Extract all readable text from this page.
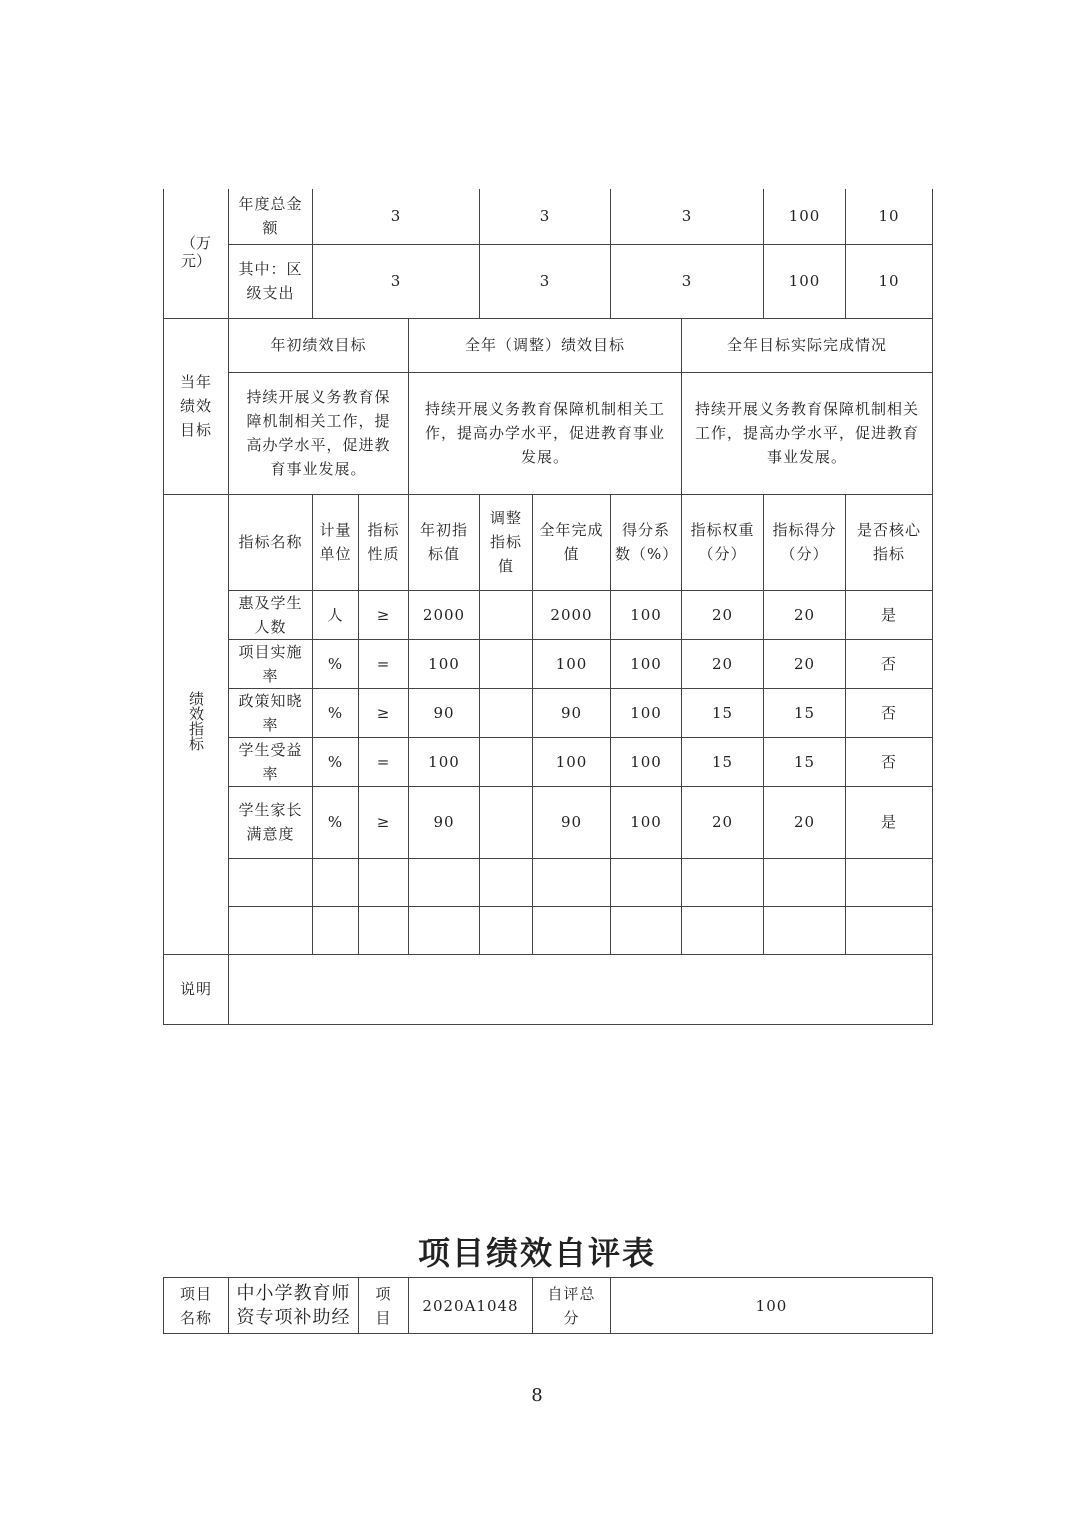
（万元）	年度总金额	3			3		3		100	10	
	其中：区级支出	3			3		3		100	10	
当年绩效目标	年初绩效目标			全年（调整）绩效目标				全年目标实际完成情况			
	持续开展义务教育保障机制相关工作，提高办学水平，促进教育事业发展。			持续开展义务教育保障机制相关工作，提高办学水平，促进教育事业发展。				持续开展义务教育保障机制相关工作，提高办学水平，促进教育事业发展。			
绩效指标	指标名称	计量单位	指标性质	年初指标值	调整指标值	全年完成值	得分系数（%）	指标权重（分）	指标得分（分）	是否核心指标	
	惠及学生人数	人	≥	2000		2000	100	20	20	是	
	项目实施率	%	=	100		100	100	20	20	否	
	政策知晓率	%	≥	90		90	100	15	15	否	
	学生受益率	%	=	100		100	100	15	15	否	
	学生家长满意度	%	≥	90		90	100	20	20	是	

说明											
项目绩效自评表
项目名称	中小学教育师资专项补助经	项目	2020A1048	自评总分	100
8
